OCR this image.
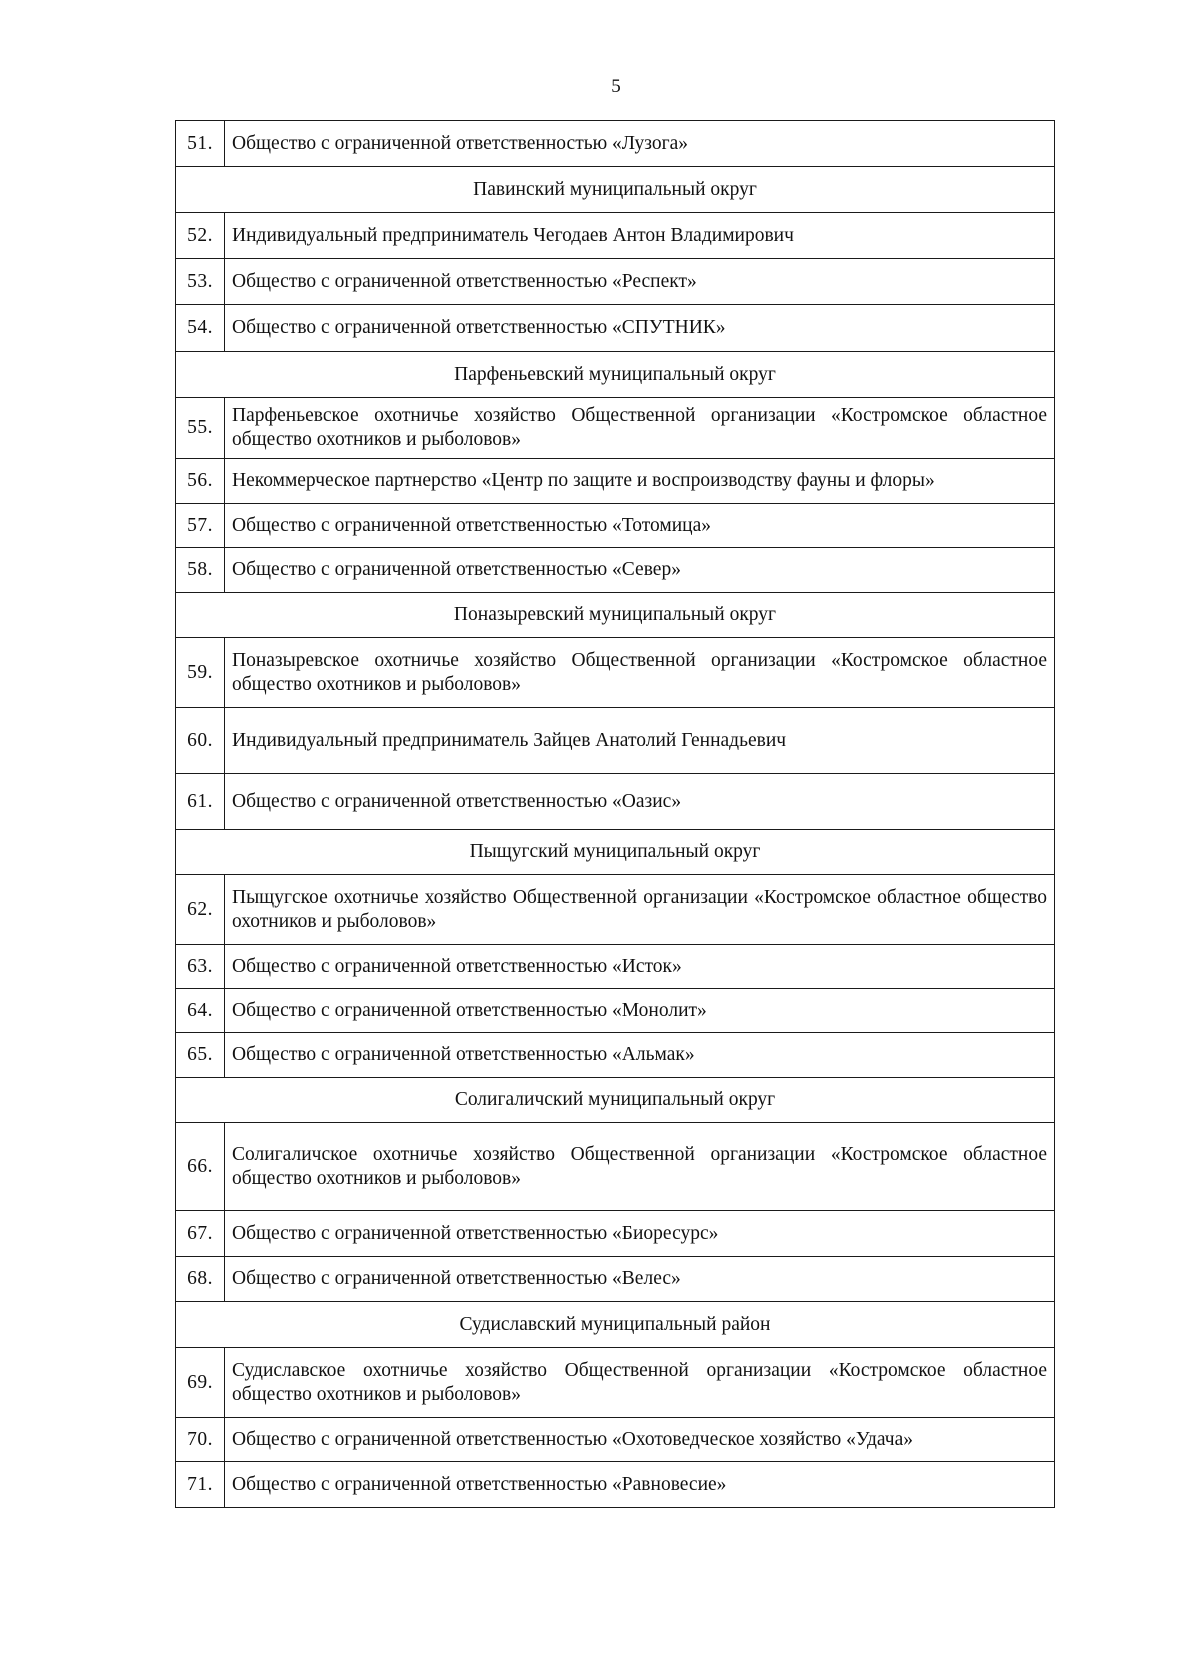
5
51.	Общество с ограниченной ответственностью «Лузога»
Павинский муниципальный округ	
52.	Индивидуальный предприниматель Чегодаев Антон Владимирович
53.	Общество с ограниченной ответственностью «Респект»
54.	Общество с ограниченной ответственностью «СПУТНИК»
Парфеньевский муниципальный округ	
55.	Парфеньевское охотничье хозяйство Общественной организации «Костромское областное общество охотников и рыболовов»
56.	Некоммерческое партнерство «Центр по защите и воспроизводству фауны и флоры»
57.	Общество с ограниченной ответственностью «Тотомица»
58.	Общество с ограниченной ответственностью «Север»
Поназыревский муниципальный округ	
59.	Поназыревское охотничье хозяйство Общественной организации «Костромское областное общество охотников и рыболовов»
60.	Индивидуальный предприниматель Зайцев Анатолий Геннадьевич
61.	Общество с ограниченной ответственностью «Оазис»
Пыщугский муниципальный округ	
62.	Пыщугское охотничье хозяйство Общественной организации «Костромское областное общество охотников и рыболовов»
63.	Общество с ограниченной ответственностью «Исток»
64.	Общество с ограниченной ответственностью «Монолит»
65.	Общество с ограниченной ответственностью «Альмак»
Солигаличский муниципальный округ	
66.	Солигаличское охотничье хозяйство Общественной организации «Костромское областное общество охотников и рыболовов»
67.	Общество с ограниченной ответственностью «Биоресурс»
68.	Общество с ограниченной ответственностью «Велес»
Судиславский муниципальный район	
69.	Судиславское охотничье хозяйство Общественной организации «Костромское областное общество охотников и рыболовов»
70.	Общество с ограниченной ответственностью «Охотоведческое хозяйство «Удача»
71.	Общество с ограниченной ответственностью «Равновесие»
